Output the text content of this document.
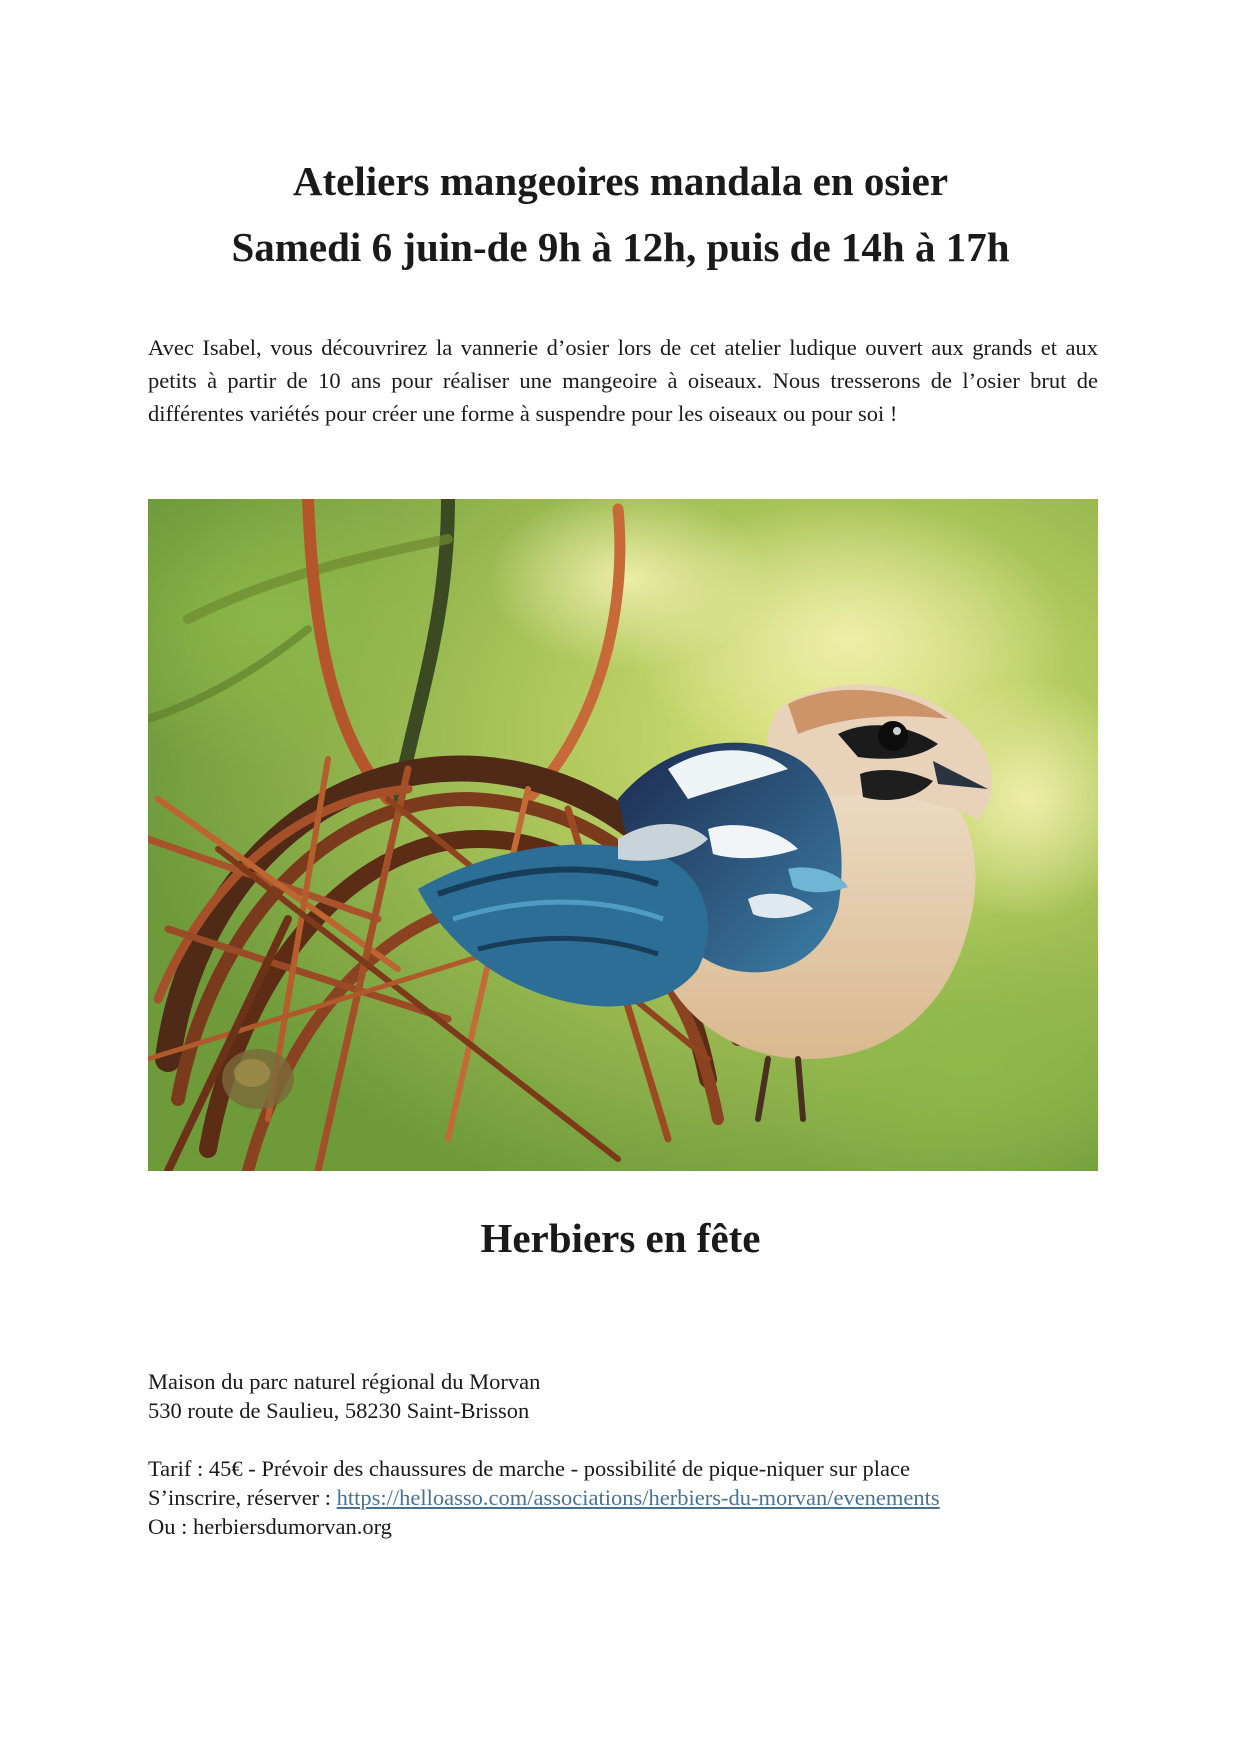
Ateliers mangeoires mandala en osier
Samedi 6 juin-de 9h à 12h, puis de 14h à 17h
Avec Isabel, vous découvrirez la vannerie d’osier lors de cet atelier ludique ouvert aux grands et aux petits à partir de 10 ans pour réaliser une mangeoire à oiseaux. Nous tresserons de l’osier brut de différentes variétés pour créer une forme à suspendre pour les oiseaux ou pour soi !
Herbiers en fête
Maison du parc naturel régional du Morvan
530 route de Saulieu, 58230 Saint-Brisson
Tarif : 45€ - Prévoir des chaussures de marche - possibilité de pique-niquer sur place
S’inscrire, réserver : https://helloasso.com/associations/herbiers-du-morvan/evenements
Ou : herbiersdumorvan.org
